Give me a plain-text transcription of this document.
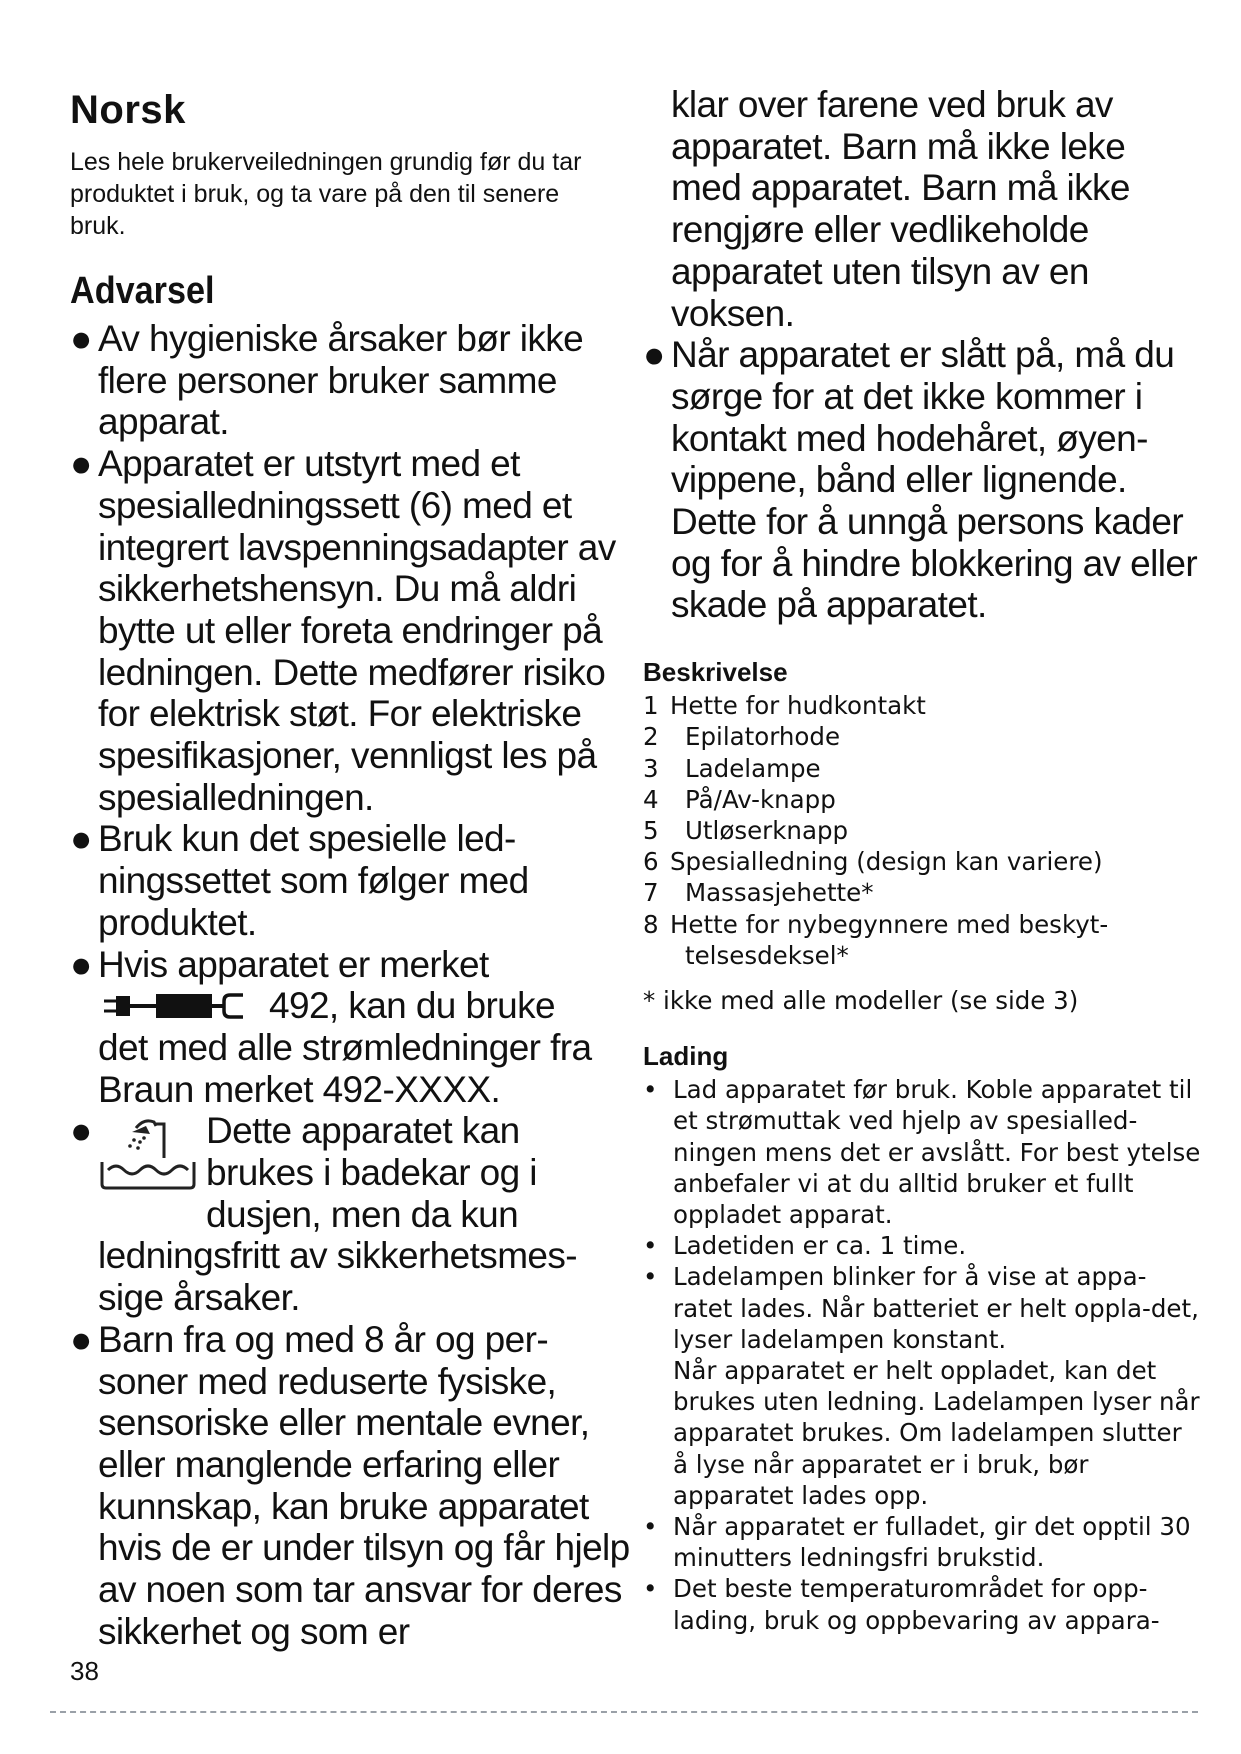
Norsk

Les hele brukerveiledningen grundig før du tar produktet i bruk, og ta vare på den til senere bruk.

Advarsel
● Av hygieniske årsaker bør ikke flere personer bruker samme apparat.
● Apparatet er utstyrt med et spesialledningssett (6) med et integrert lavspenningsadapter av sikkerhetshensyn. Du må aldri bytte ut eller foreta endringer på ledningen. Dette medfører risiko for elektrisk støt. For elektriske spesifikasjoner, vennligst les på spesialledningen.
● Bruk kun det spesielle led-ningssettet som følger med produktet.
● Hvis apparatet er merket
492, kan du bruke
det med alle strømledninger fra Braun merket 492-XXXX.
●	Dette apparatet kan
brukes i badekar og i
dusjen, men da kun
ledningsfritt av sikkerhetsmes-sige årsaker.
● Barn fra og med 8 år og per-soner med reduserte fysiske, sensoriske eller mentale evner, eller manglende erfaring eller kunnskap, kan bruke apparatet hvis de er under tilsyn og får hjelp av noen som tar ansvar for deres sikkerhet og som er

klar over farene ved bruk av apparatet. Barn må ikke leke med apparatet. Barn må ikke rengjøre eller vedlikeholde apparatet uten tilsyn av en voksen.

● Når apparatet er slått på, må du sørge for at det ikke kommer i kontakt med hodehåret, øyen-vippene, bånd eller lignende. Dette for å unngå persons kader og for å hindre blokkering av eller skade på apparatet.
Beskrivelse
1 Hette for hudkontakt
2 Epilatorhode
3 Ladelampe
4 På/Av-knapp
5 Utløserknapp
6 Spesialledning (design kan variere)
7 Massasjehette*
8 Hette for nybegynnere med beskyt-
telsesdeksel*

* ikke med alle modeller (se side 3)

Lading
• Lad apparatet før bruk. Koble apparatet til et strømuttak ved hjelp av spesialled-ningen mens det er avslått. For best ytelse anbefaler vi at du alltid bruker et fullt oppladet apparat.
• Ladetiden er ca. 1 time.
• Ladelampen blinker for å vise at appa-ratet lades. Når batteriet er helt oppla-det, lyser ladelampen konstant.
Når apparatet er helt oppladet, kan det brukes uten ledning. Ladelampen lyser når apparatet brukes. Om ladelampen slutter å lyse når apparatet er i bruk, bør apparatet lades opp.
• Når apparatet er fulladet, gir det opptil 30 minutters ledningsfri brukstid.
• Det beste temperaturområdet for opp-lading, bruk og oppbevaring av appara-
38
